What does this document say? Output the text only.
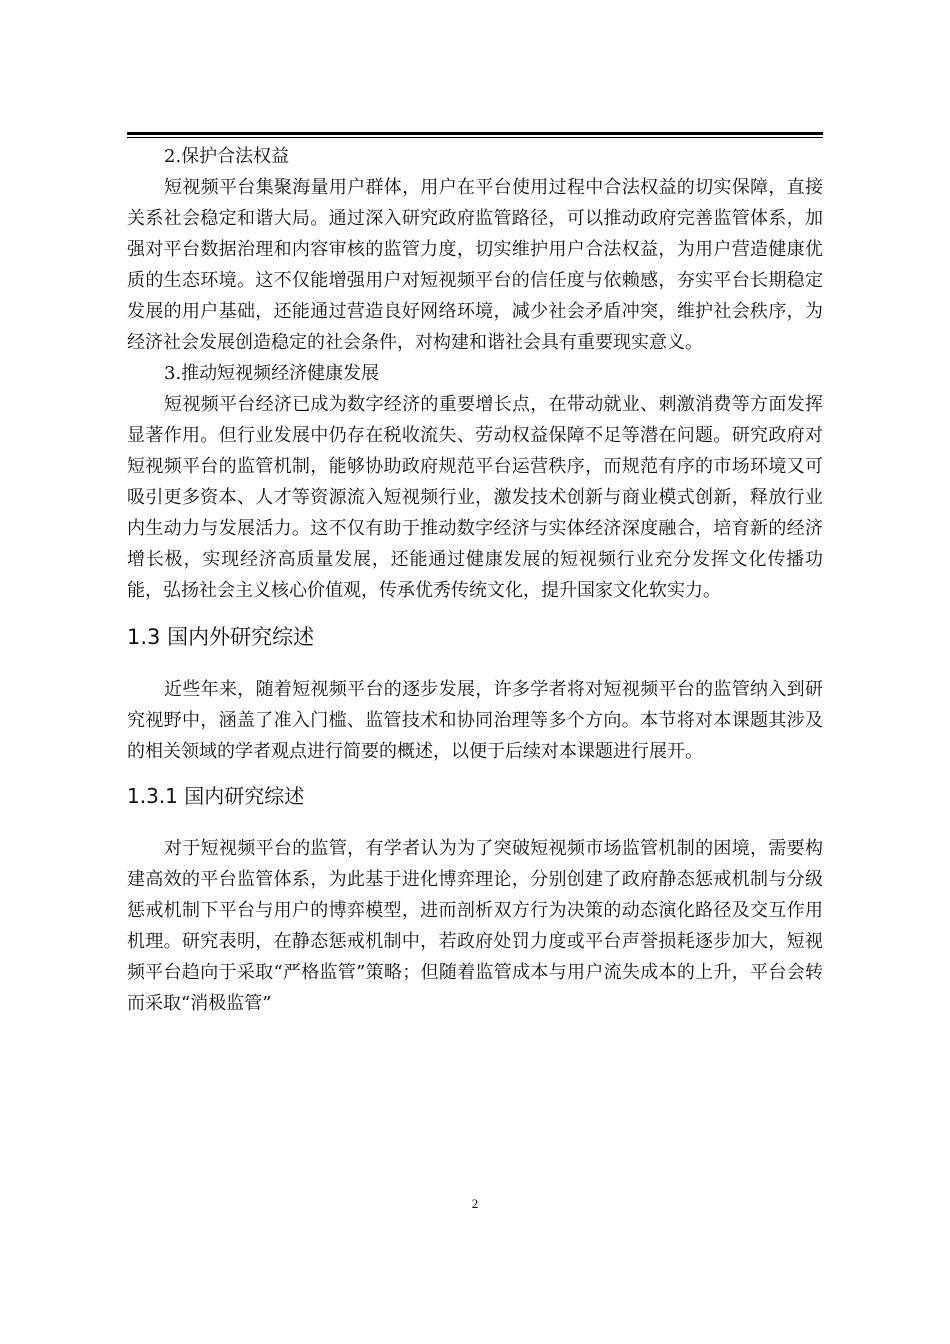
2.保护合法权益

短视频平台集聚海量用户群体，用户在平台使用过程中合法权益的切实保障，直接关系社会稳定和谐大局。通过深入研究政府监管路径，可以推动政府完善监管体系，加强对平台数据治理和内容审核的监管力度，切实维护用户合法权益，为用户营造健康优质的生态环境。这不仅能增强用户对短视频平台的信任度与依赖感，夯实平台长期稳定发展的用户基础，还能通过营造良好网络环境，减少社会矛盾冲突，维护社会秩序，为经济社会发展创造稳定的社会条件，对构建和谐社会具有重要现实意义。

3.推动短视频经济健康发展

短视频平台经济已成为数字经济的重要增长点，在带动就业、刺激消费等方面发挥显著作用。但行业发展中仍存在税收流失、劳动权益保障不足等潜在问题。研究政府对短视频平台的监管机制，能够协助政府规范平台运营秩序，而规范有序的市场环境又可吸引更多资本、人才等资源流入短视频行业，激发技术创新与商业模式创新，释放行业内生动力与发展活力。这不仅有助于推动数字经济与实体经济深度融合，培育新的经济增长极，实现经济高质量发展，还能通过健康发展的短视频行业充分发挥文化传播功能，弘扬社会主义核心价值观，传承优秀传统文化，提升国家文化软实力。

1.3 国内外研究综述

近些年来，随着短视频平台的逐步发展，许多学者将对短视频平台的监管纳入到研究视野中，涵盖了准入门槛、监管技术和协同治理等多个方向。本节将对本课题其涉及的相关领域的学者观点进行简要的概述，以便于后续对本课题进行展开。

1.3.1 国内研究综述

对于短视频平台的监管，有学者认为为了突破短视频市场监管机制的困境，需要构建高效的平台监管体系，为此基于进化博弈理论，分别创建了政府静态惩戒机制与分级惩戒机制下平台与用户的博弈模型，进而剖析双方行为决策的动态演化路径及交互作用机理。研究表明，在静态惩戒机制中，若政府处罚力度或平台声誉损耗逐步加大，短视频平台趋向于采取“严格监管”策略；但随着监管成本与用户流失成本的上升，平台会转而采取“消极监管”

2
